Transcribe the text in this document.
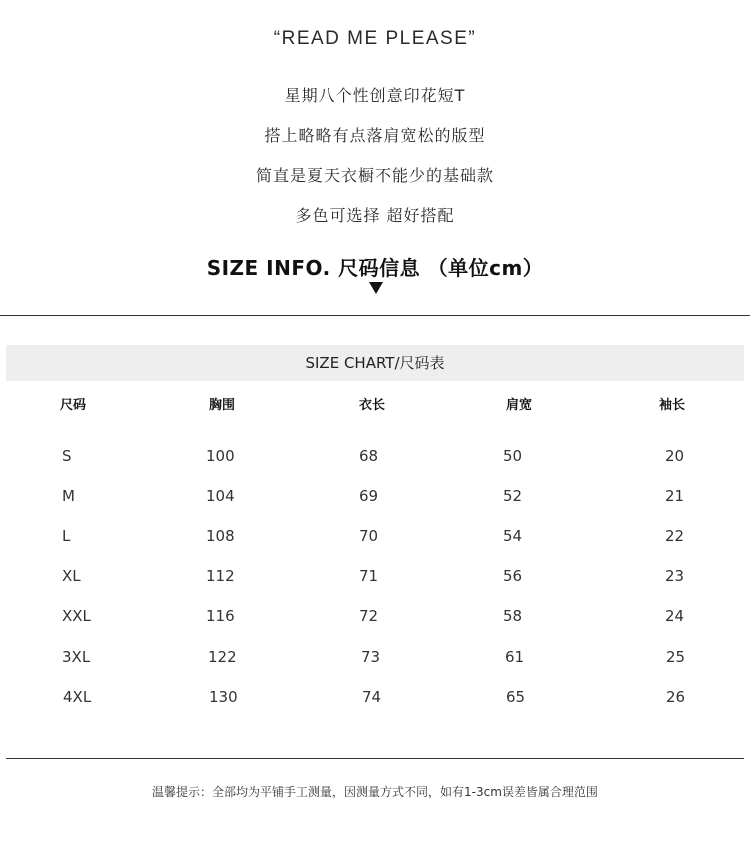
“READ ME PLEASE”
星期八个性创意印花短T
搭上略略有点落肩宽松的版型
简直是夏天衣橱不能少的基础款
多色可选择 超好搭配
SIZE INFO. 尺码信息 （单位cm）
SIZE CHART/尺码表
尺码	胸围	衣长	肩宽	袖长
S	100	68	50	20
M	104	69	52	21
L	108	70	54	22
XL	112	71	56	23
XXL	116	72	58	24
3XL	122	73	61	25
4XL	130	74	65	26
温馨提示：全部均为平铺手工测量，因测量方式不同，如有1-3cm误差皆属合理范围
